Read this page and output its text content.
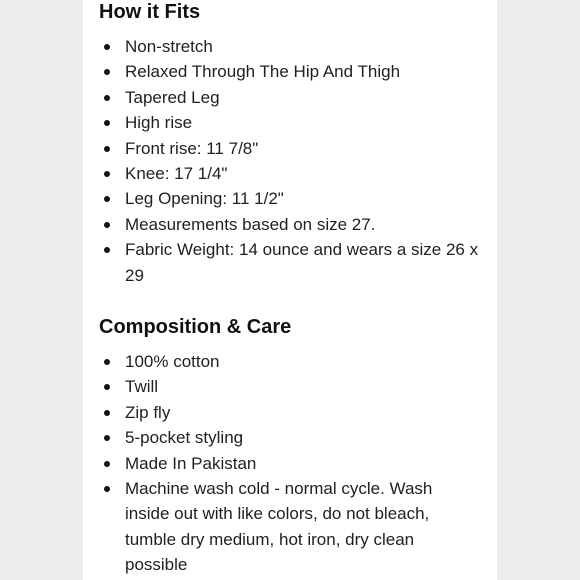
How it Fits
Non-stretch
Relaxed Through The Hip And Thigh
Tapered Leg
High rise
Front rise: 11 7/8"
Knee: 17 1/4"
Leg Opening: 11 1/2"
Measurements based on size 27.
Fabric Weight: 14 ounce and wears a size 26 x 29
Composition & Care
100% cotton
Twill
Zip fly
5-pocket styling
Made In Pakistan
Machine wash cold - normal cycle. Wash inside out with like colors, do not bleach, tumble dry medium, hot iron, dry clean possible
